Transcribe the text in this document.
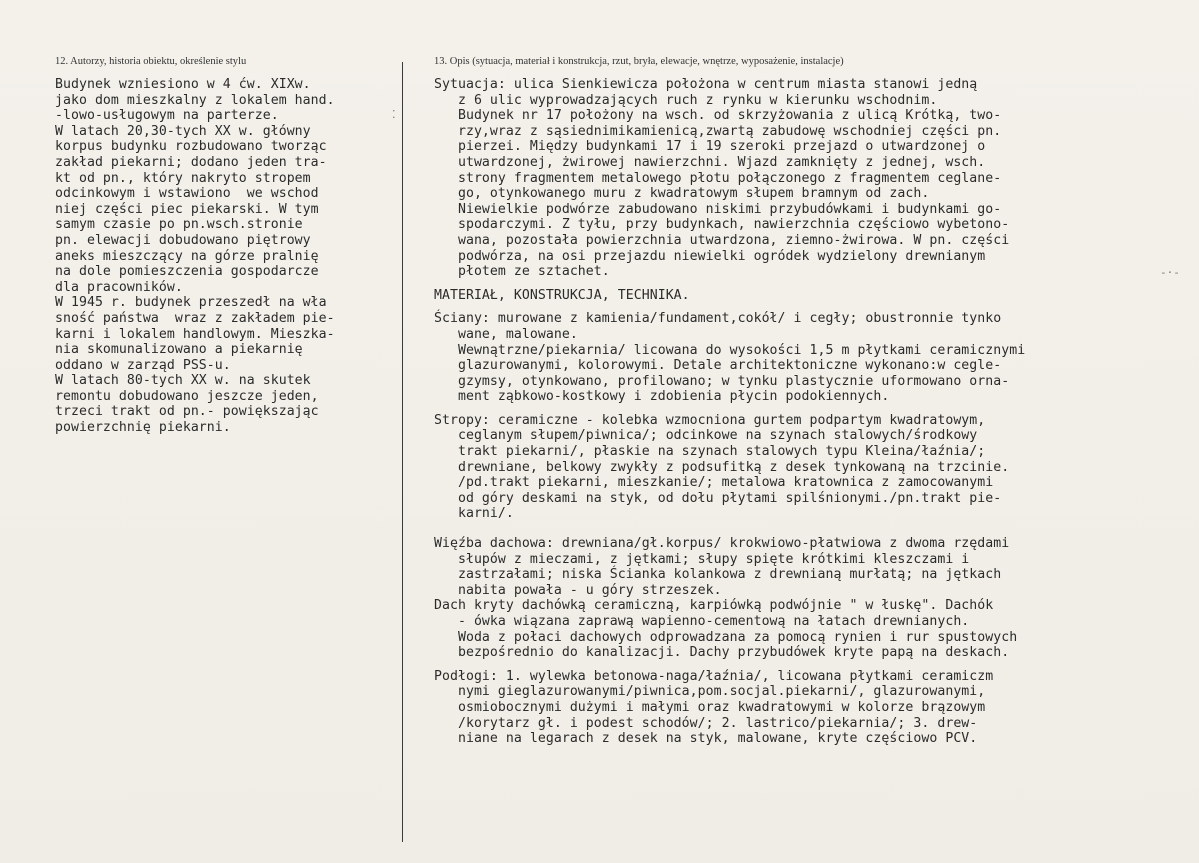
12. Autorzy, historia obiektu, określenie stylu
Budynek wzniesiono w 4 ćw. XIXw.
jako dom mieszkalny z lokalem hand.
-lowo-usługowym na parterze.
W latach 20,30-tych XX w. główny
korpus budynku rozbudowano tworząc
zakład piekarni; dodano jeden tra-
kt od pn., który nakryto stropem
odcinkowym i wstawiono  we wschod
niej części piec piekarski. W tym
samym czasie po pn.wsch.stronie
pn. elewacji dobudowano piętrowy
aneks mieszczący na górze pralnię
na dole pomieszczenia gospodarcze
dla pracowników.
W 1945 r. budynek przeszedł na wła
sność państwa  wraz z zakładem pie-
karni i lokalem handlowym. Mieszka-
nia skomunalizowano a piekarnię
oddano w zarząd PSS-u.
W latach 80-tych XX w. na skutek
remontu dobudowano jeszcze jeden,
trzeci trakt od pn.- powiększając
powierzchnię piekarni.
⁚
13. Opis (sytuacja, materiał i konstrukcja, rzut, bryła, elewacje, wnętrze, wyposażenie, instalacje)
Sytuacja: ulica Sienkiewicza położona w centrum miasta stanowi jedną
z 6 ulic wyprowadzających ruch z rynku w kierunku wschodnim.
Budynek nr 17 położony na wsch. od skrzyżowania z ulicą Krótką, two-
rzy,wraz z sąsiednimikamienicą,zwartą zabudowę wschodniej części pn.
pierzei. Między budynkami 17 i 19 szeroki przejazd o utwardzonej o
utwardzonej, żwirowej nawierzchni. Wjazd zamknięty z jednej, wsch.
strony fragmentem metalowego płotu połączonego z fragmentem ceglane-
go, otynkowanego muru z kwadratowym słupem bramnym od zach.
Niewielkie podwórze zabudowano niskimi przybudówkami i budynkami go-
spodarczymi. Z tyłu, przy budynkach, nawierzchnia częściowo wybetono-
wana, pozostała powierzchnia utwardzona, ziemno-żwirowa. W pn. części
podwórza, na osi przejazdu niewielki ogródek wydzielony drewnianym
płotem ze sztachet.
MATERIAŁ, KONSTRUKCJA, TECHNIKA.
Ściany: murowane z kamienia/fundament,cokół/ i cegły; obustronnie tynko
wane, malowane.
Wewnątrzne/piekarnia/ licowana do wysokości 1,5 m płytkami ceramicznymi
glazurowanymi, kolorowymi. Detale architektoniczne wykonano:w cegle-
gzymsy, otynkowano, profilowano; w tynku plastycznie uformowano orna-
ment ząbkowo-kostkowy i zdobienia płycin podokiennych.
Stropy: ceramiczne - kolebka wzmocniona gurtem podpartym kwadratowym,
ceglanym słupem/piwnica/; odcinkowe na szynach stalowych/środkowy
trakt piekarni/, płaskie na szynach stalowych typu Kleina/łaźnia/;
drewniane, belkowy zwykły z podsufitką z desek tynkowaną na trzcinie.
/pd.trakt piekarni, mieszkanie/; metalowa kratownica z zamocowanymi
od góry deskami na styk, od dołu płytami spilśnionymi./pn.trakt pie-
karni/.
Więźba dachowa: drewniana/gł.korpus/ krokwiowo-płatwiowa z dwoma rzędami
słupów z mieczami, z jętkami; słupy spięte krótkimi kleszczami i
zastrzałami; niska Ścianka kolankowa z drewnianą murłatą; na jętkach
nabita powała - u góry strzeszek.
Dach kryty dachówką ceramiczną, karpiówką podwójnie " w łuskę". Dachók
- ówka wiązana zaprawą wapienno-cementową na łatach drewnianych.
Woda z połaci dachowych odprowadzana za pomocą rynien i rur spustowych
bezpośrednio do kanalizacji. Dachy przybudówek kryte papą na deskach.
Podłogi: 1. wylewka betonowa-naga/łaźnia/, licowana płytkami ceramiczm
nymi gieglazurowanymi/piwnica,pom.socjal.piekarni/, glazurowanymi,
osmiobocznymi dużymi i małymi oraz kwadratowymi w kolorze brązowym
/korytarz gł. i podest schodów/; 2. lastrico/piekarnia/; 3. drew-
niane na legarach z desek na styk, malowane, kryte częściowo PCV.
-·-
